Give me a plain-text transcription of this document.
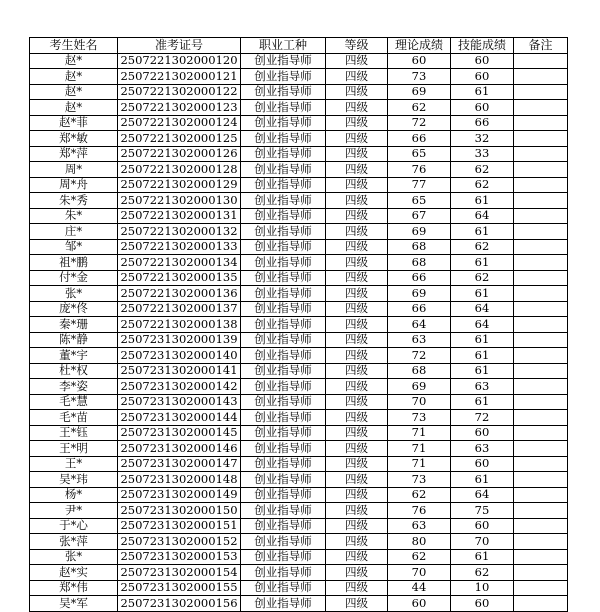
考生姓名	准考证号	职业工种	等级	理论成绩	技能成绩	备注
赵*	2507221302000120	创业指导师	四级	60	60	
赵*	2507221302000121	创业指导师	四级	73	60	
赵*	2507221302000122	创业指导师	四级	69	61	
赵*	2507221302000123	创业指导师	四级	62	60	
赵*菲	2507221302000124	创业指导师	四级	72	66	
郑*敏	2507221302000125	创业指导师	四级	66	32	
郑*萍	2507221302000126	创业指导师	四级	65	33	
周*	2507221302000128	创业指导师	四级	76	62	
周*舟	2507221302000129	创业指导师	四级	77	62	
朱*秀	2507221302000130	创业指导师	四级	65	61	
朱*	2507221302000131	创业指导师	四级	67	64	
庄*	2507221302000132	创业指导师	四级	69	61	
邹*	2507221302000133	创业指导师	四级	68	62	
祖*鹏	2507221302000134	创业指导师	四级	68	61	
付*金	2507221302000135	创业指导师	四级	66	62	
张*	2507221302000136	创业指导师	四级	69	61	
庞*佟	2507221302000137	创业指导师	四级	66	64	
秦*珊	2507221302000138	创业指导师	四级	64	64	
陈*静	2507231302000139	创业指导师	四级	63	61	
董*宇	2507231302000140	创业指导师	四级	72	61	
杜*权	2507231302000141	创业指导师	四级	68	61	
李*姿	2507231302000142	创业指导师	四级	69	63	
毛*慧	2507231302000143	创业指导师	四级	70	61	
毛*苗	2507231302000144	创业指导师	四级	73	72	
王*钰	2507231302000145	创业指导师	四级	71	60	
王*明	2507231302000146	创业指导师	四级	71	63	
王*	2507231302000147	创业指导师	四级	71	60	
吴*玮	2507231302000148	创业指导师	四级	73	61	
杨*	2507231302000149	创业指导师	四级	62	64	
尹*	2507231302000150	创业指导师	四级	76	75	
于*心	2507231302000151	创业指导师	四级	63	60	
张*萍	2507231302000152	创业指导师	四级	80	70	
张*	2507231302000153	创业指导师	四级	62	61	
赵*实	2507231302000154	创业指导师	四级	70	62	
郑*伟	2507231302000155	创业指导师	四级	44	10	
吴*军	2507231302000156	创业指导师	四级	60	60	
